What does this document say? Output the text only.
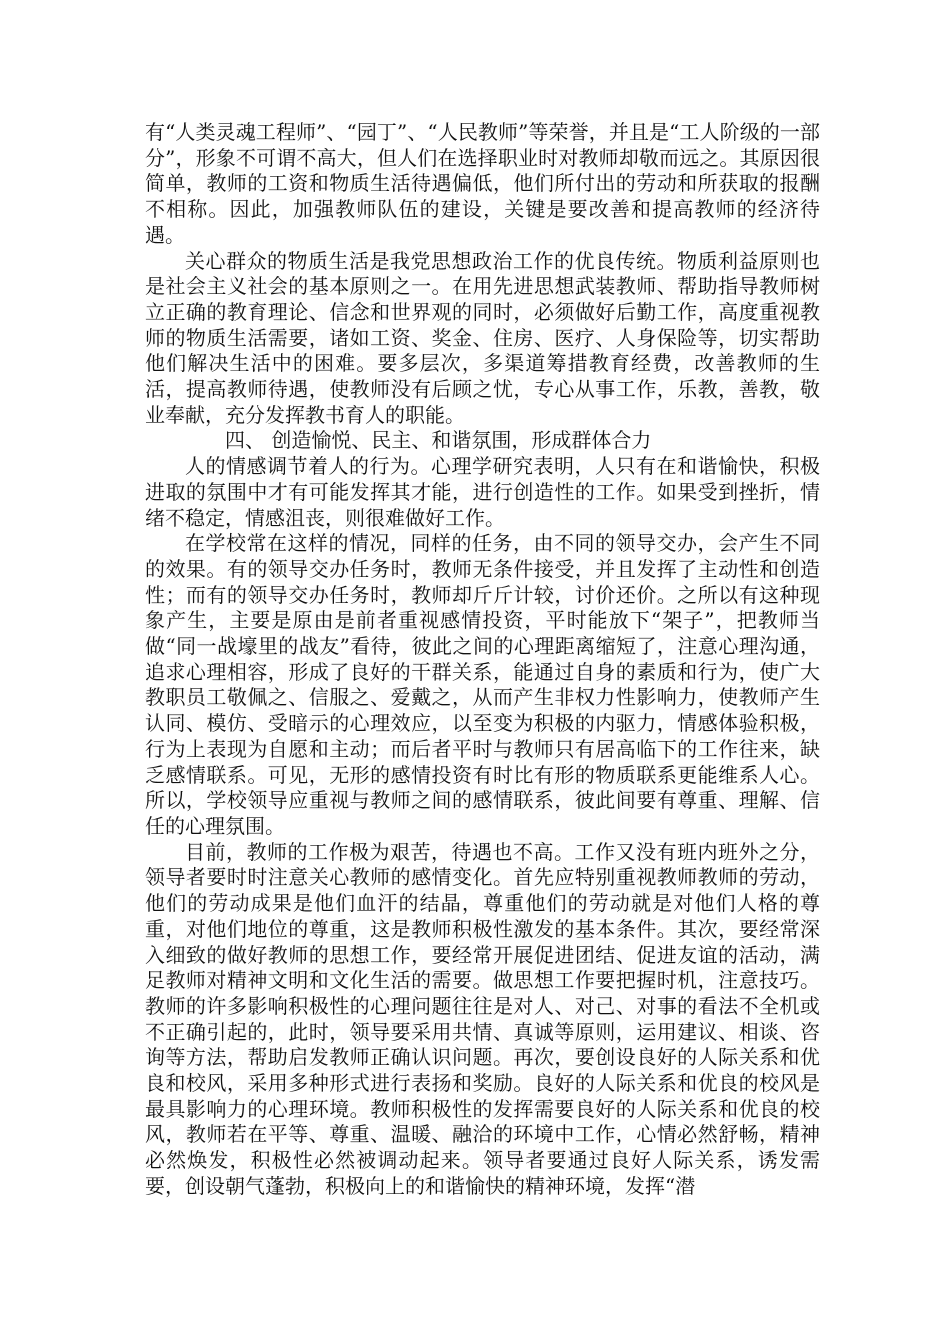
有“人类灵魂工程师”、“园丁”、“人民教师”等荣誉，并且是“工人阶级的一部分”，形象不可谓不高大，但人们在选择职业时对教师却敬而远之。其原因很简单，教师的工资和物质生活待遇偏低，他们所付出的劳动和所获取的报酬不相称。因此，加强教师队伍的建设，关键是要改善和提高教师的经济待遇。

关心群众的物质生活是我党思想政治工作的优良传统。物质利益原则也是社会主义社会的基本原则之一。在用先进思想武装教师、帮助指导教师树立正确的教育理论、信念和世界观的同时，必须做好后勤工作，高度重视教师的物质生活需要，诸如工资、奖金、住房、医疗、人身保险等，切实帮助他们解决生活中的困难。要多层次，多渠道筹措教育经费，改善教师的生活，提高教师待遇，使教师没有后顾之忧，专心从事工作，乐教，善教，敬业奉献，充分发挥教书育人的职能。

四、 创造愉悦、民主、和谐氛围，形成群体合力

人的情感调节着人的行为。心理学研究表明，人只有在和谐愉快，积极进取的氛围中才有可能发挥其才能，进行创造性的工作。如果受到挫折，情绪不稳定，情感沮丧，则很难做好工作。

在学校常在这样的情况，同样的任务，由不同的领导交办，会产生不同的效果。有的领导交办任务时，教师无条件接受，并且发挥了主动性和创造性；而有的领导交办任务时，教师却斤斤计较，讨价还价。之所以有这种现象产生，主要是原由是前者重视感情投资，平时能放下“架子”，把教师当做“同一战壕里的战友”看待，彼此之间的心理距离缩短了，注意心理沟通，追求心理相容，形成了良好的干群关系，能通过自身的素质和行为，使广大教职员工敬佩之、信服之、爱戴之，从而产生非权力性影响力，使教师产生认同、模仿、受暗示的心理效应，以至变为积极的内驱力，情感体验积极，行为上表现为自愿和主动；而后者平时与教师只有居高临下的工作往来，缺乏感情联系。可见，无形的感情投资有时比有形的物质联系更能维系人心。所以，学校领导应重视与教师之间的感情联系，彼此间要有尊重、理解、信任的心理氛围。

目前，教师的工作极为艰苦，待遇也不高。工作又没有班内班外之分，领导者要时时注意关心教师的感情变化。首先应特别重视教师教师的劳动，他们的劳动成果是他们血汗的结晶，尊重他们的劳动就是对他们人格的尊重，对他们地位的尊重，这是教师积极性激发的基本条件。其次，要经常深入细致的做好教师的思想工作，要经常开展促进团结、促进友谊的活动，满足教师对精神文明和文化生活的需要。做思想工作要把握时机，注意技巧。教师的许多影响积极性的心理问题往往是对人、对己、对事的看法不全机或不正确引起的，此时，领导要采用共情、真诚等原则，运用建议、相谈、咨询等方法，帮助启发教师正确认识问题。再次，要创设良好的人际关系和优良和校风，采用多种形式进行表扬和奖励。良好的人际关系和优良的校风是最具影响力的心理环境。教师积极性的发挥需要良好的人际关系和优良的校风，教师若在平等、尊重、温暖、融洽的环境中工作，心情必然舒畅，精神必然焕发，积极性必然被调动起来。领导者要通过良好人际关系，诱发需要，创设朝气蓬勃，积极向上的和谐愉快的精神环境，发挥“潜
